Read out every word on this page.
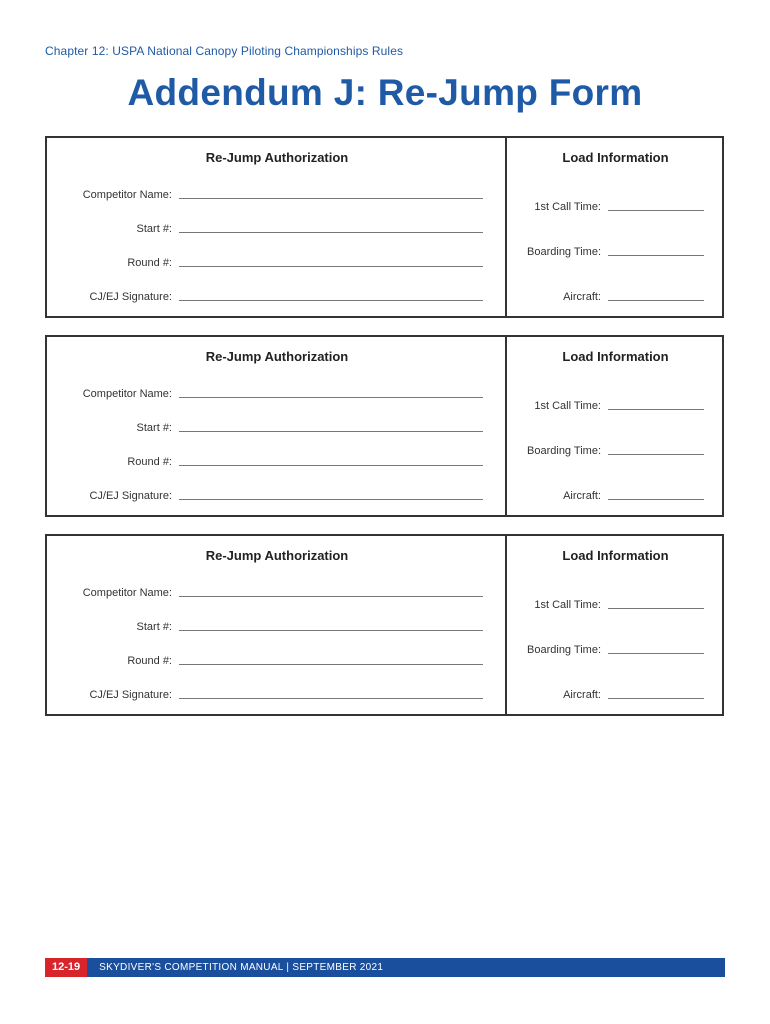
Chapter 12: USPA National Canopy Piloting Championships Rules
Addendum J: Re-Jump Form
Re-Jump Authorization	Load Information
Competitor Name:
Start #:
Round #:
CJ/EJ Signature:
1st Call Time:
Boarding Time:
Aircraft:
Re-Jump Authorization	Load Information
Competitor Name:
Start #:
Round #:
CJ/EJ Signature:
1st Call Time:
Boarding Time:
Aircraft:
Re-Jump Authorization	Load Information
Competitor Name:
Start #:
Round #:
CJ/EJ Signature:
1st Call Time:
Boarding Time:
Aircraft:
12-19	SKYDIVER'S COMPETITION MANUAL | SEPTEMBER 2021
